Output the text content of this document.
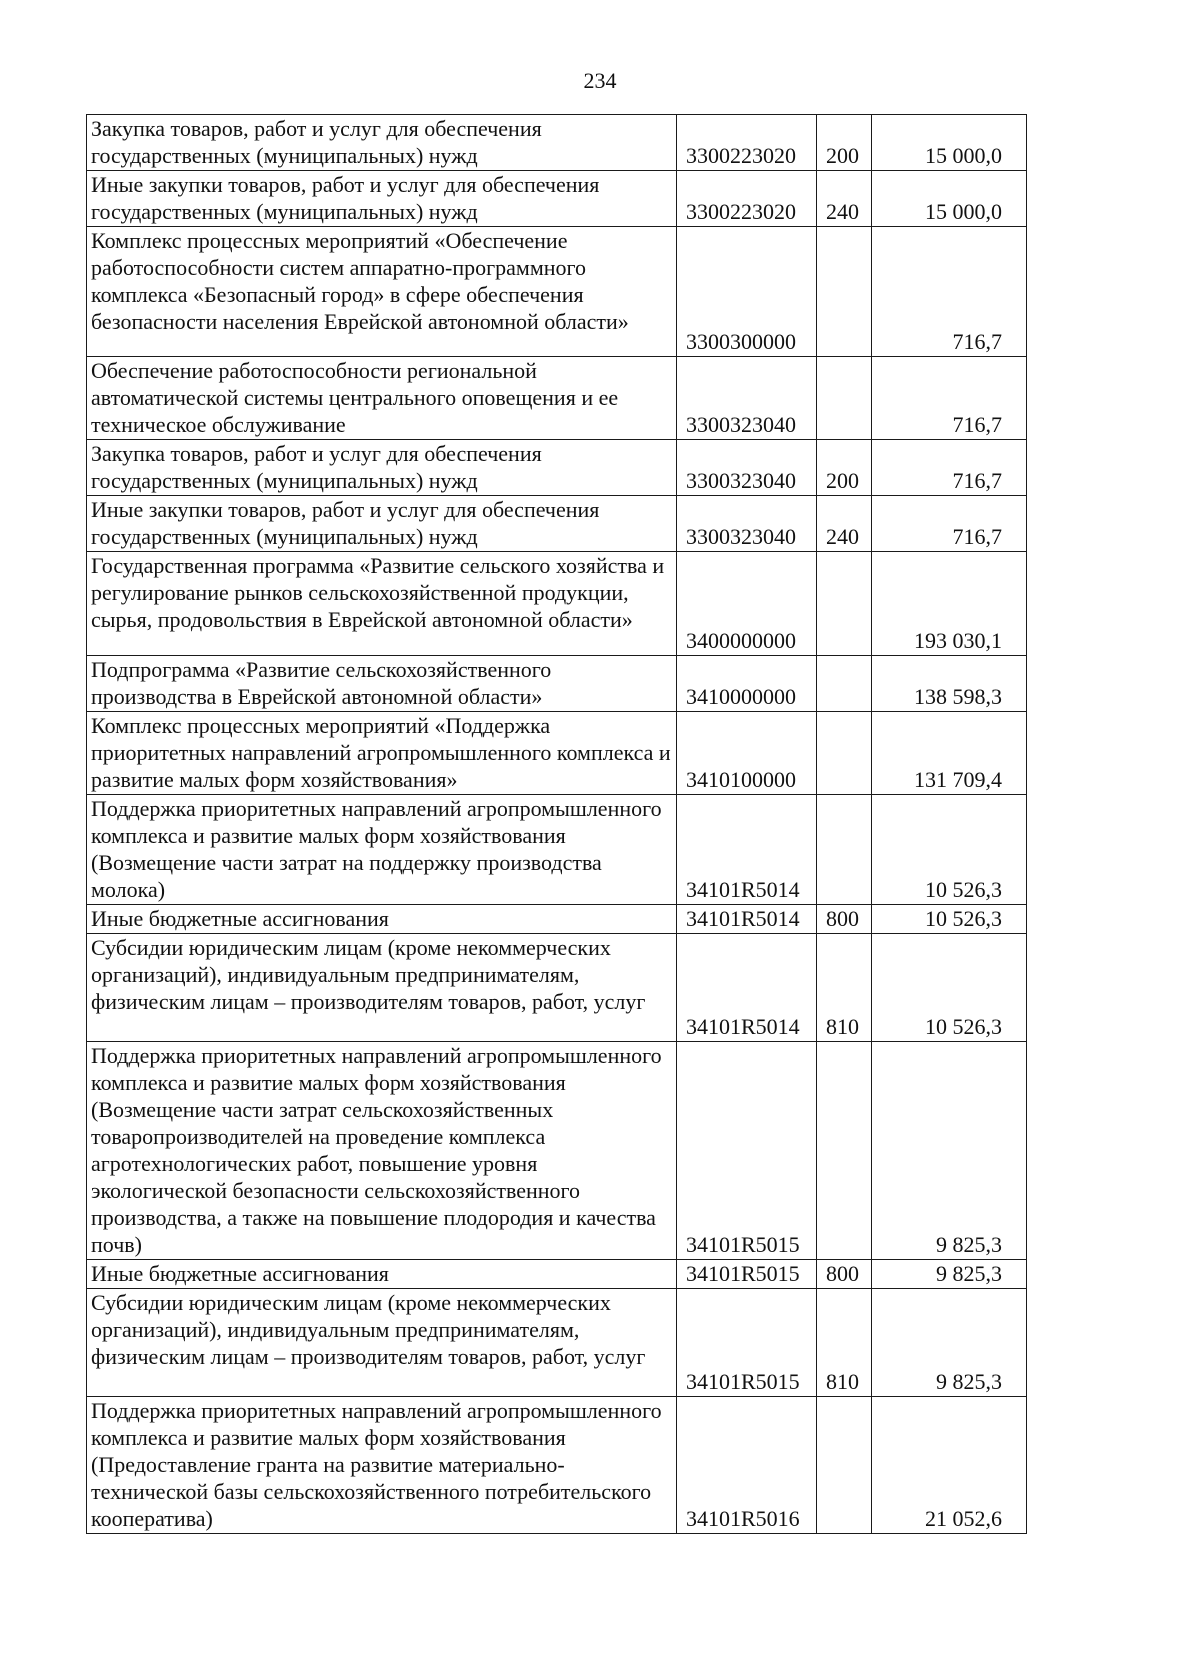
234
Закупка товаров, работ и услуг для обеспечения государственных (муниципальных) нужд	3300223020	200	15 000,0

Иные закупки товаров, работ и услуг для обеспечения государственных (муниципальных) нужд	3300223020	240	15 000,0

Комплекс процессных мероприятий «Обеспечение работоспособности систем аппаратно-программного комплекса «Безопасный город» в сфере обеспечения безопасности населения Еврейской автономной области»	3300300000		716,7

Обеспечение работоспособности региональной автоматической системы центрального оповещения и ее техническое обслуживание	3300323040		716,7

Закупка товаров, работ и услуг для обеспечения государственных (муниципальных) нужд	3300323040	200	716,7

Иные закупки товаров, работ и услуг для обеспечения государственных (муниципальных) нужд	3300323040	240	716,7

Государственная программа «Развитие сельского хозяйства и регулирование рынков сельскохозяйственной продукции, сырья, продовольствия в Еврейской автономной области»	3400000000		193 030,1

Подпрограмма «Развитие сельскохозяйственного производства в Еврейской автономной области»	3410000000		138 598,3

Комплекс процессных мероприятий «Поддержка приоритетных направлений агропромышленного комплекса и развитие малых форм хозяйствования»	3410100000		131 709,4

Поддержка приоритетных направлений агропромышленного комплекса и развитие малых форм хозяйствования (Возмещение части затрат на поддержку производства молока)	34101R5014		10 526,3

Иные бюджетные ассигнования	34101R5014	800	10 526,3

Субсидии юридическим лицам (кроме некоммерческих организаций), индивидуальным предпринимателям, физическим лицам – производителям товаров, работ, услуг	34101R5014	810	10 526,3

Поддержка приоритетных направлений агропромышленного комплекса и развитие малых форм хозяйствования (Возмещение части затрат сельскохозяйственных товаропроизводителей на проведение комплекса агротехнологических работ, повышение уровня экологической безопасности сельскохозяйственного производства, а также на повышение плодородия и качества почв)	34101R5015		9 825,3

Иные бюджетные ассигнования	34101R5015	800	9 825,3

Субсидии юридическим лицам (кроме некоммерческих организаций), индивидуальным предпринимателям, физическим лицам – производителям товаров, работ, услуг	34101R5015	810	9 825,3

Поддержка приоритетных направлений агропромышленного комплекса и развитие малых форм хозяйствования (Предоставление гранта на развитие материально-технической базы сельскохозяйственного потребительского кооператива)	34101R5016		21 052,6
